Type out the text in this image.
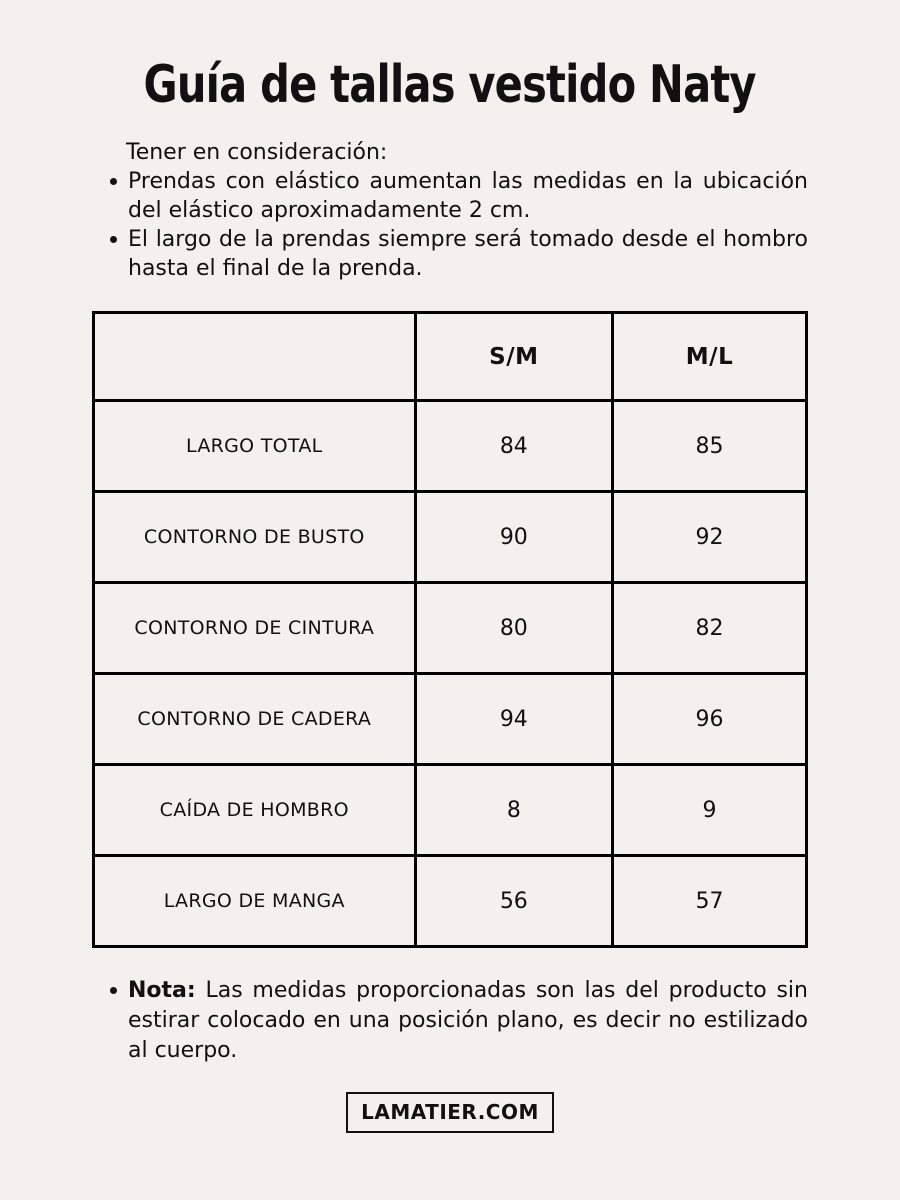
Guía de tallas vestido Naty

Tener en consideración:

Prendas con elástico aumentan las medidas en la ubicación del elástico aproximadamente 2 cm.
El largo de la prendas siempre será tomado desde el hombro hasta el final de la prenda.
	S/M	M/L
LARGO TOTAL	84	85
CONTORNO DE BUSTO	90	92
CONTORNO DE CINTURA	80	82
CONTORNO DE CADERA	94	96
CAÍDA DE HOMBRO	8	9
LARGO DE MANGA	56	57
Nota: Las medidas proporcionadas son las del producto sin estirar colocado en una posición plano, es decir no estilizado al cuerpo.
LAMATIER.COM
